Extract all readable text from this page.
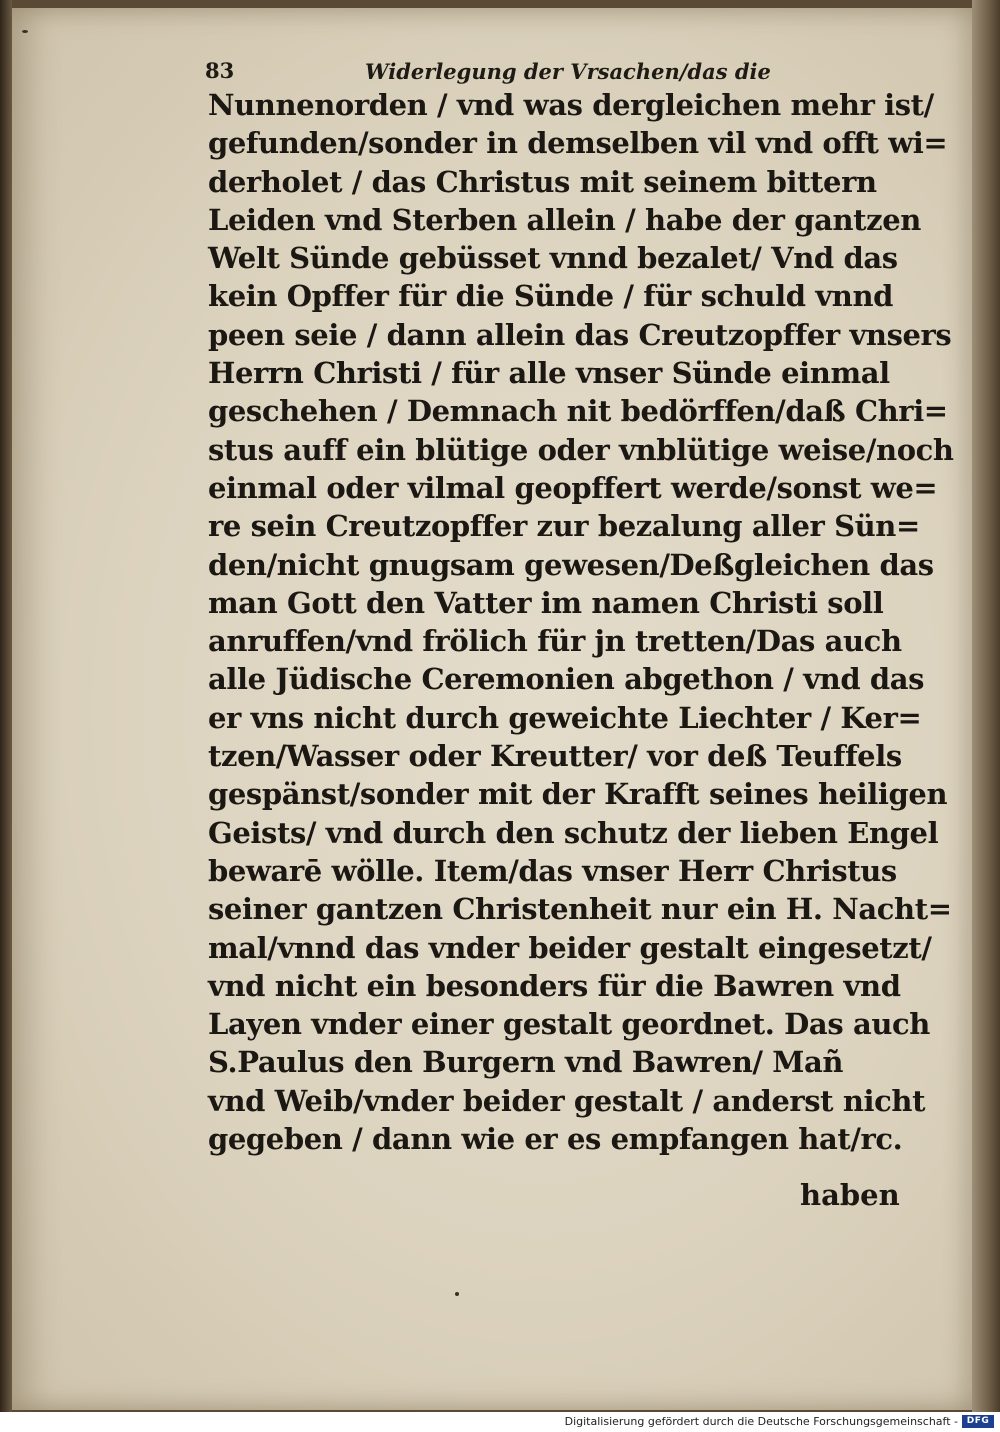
83	Widerlegung der Vrsachen/das die
Nunnenorden / vnd was dergleichen mehr ist/
gefunden/sonder in demselben vil vnd offt wi=
derholet / das Christus mit seinem bittern
Leiden vnd Sterben allein / habe der gantzen
Welt Sünde gebüsset vnnd bezalet/ Vnd das
kein Opffer für die Sünde / für schuld vnnd
peen seie / dann allein das Creutzopffer vnsers
Herrn Christi / für alle vnser Sünde einmal
geschehen / Demnach nit bedörffen/daß Chri=
stus auff ein blütige oder vnblütige weise/noch
einmal oder vilmal geopffert werde/sonst we=
re sein Creutzopffer zur bezalung aller Sün=
den/nicht gnugsam gewesen/Deßgleichen das
man Gott den Vatter im namen Christi soll
anruffen/vnd frölich für jn tretten/Das auch
alle Jüdische Ceremonien abgethon / vnd das
er vns nicht durch geweichte Liechter / Ker=
tzen/Wasser oder Kreutter/ vor deß Teuffels
gespänst/sonder mit der Krafft seines heiligen
Geists/ vnd durch den schutz der lieben Engel
bewarē wölle. Item/das vnser Herr Christus
seiner gantzen Christenheit nur ein H. Nacht=
mal/vnnd das vnder beider gestalt eingesetzt/
vnd nicht ein besonders für die Bawren vnd
Layen vnder einer gestalt geordnet. Das auch
S.Paulus den Burgern vnd Bawren/ Mañ
vnd Weib/vnder beider gestalt / anderst nicht
gegeben / dann wie er es empfangen hat/rc.
haben
Digitalisierung gefördert durch die Deutsche Forschungsgemeinschaft - DFG
